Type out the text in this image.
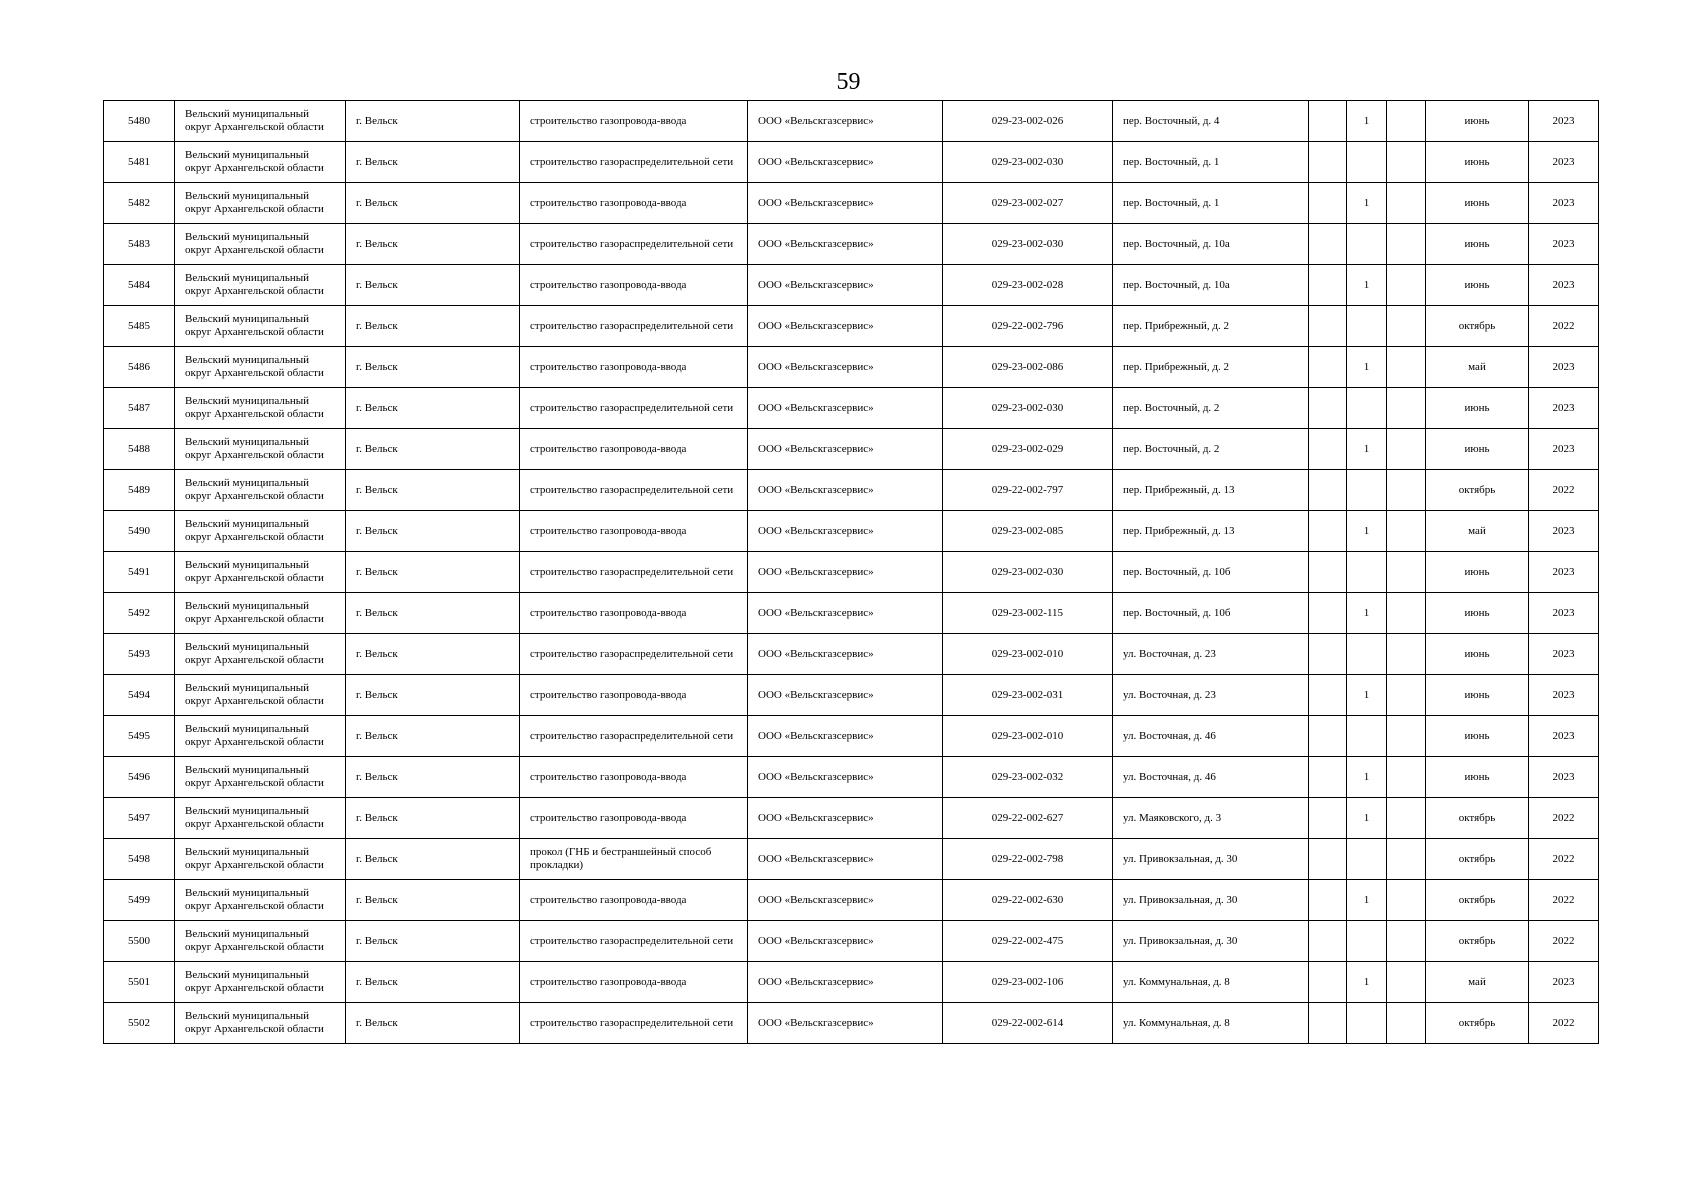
59
5480	Вельский муниципальный округ Архангельской области	г. Вельск	строительство газопровода-ввода	ООО «Вельскгазсервис»	029-23-002-026	пер. Восточный, д. 4		1		июнь	2023
5481	Вельский муниципальный округ Архангельской области	г. Вельск	строительство газораспределительной сети	ООО «Вельскгазсервис»	029-23-002-030	пер. Восточный, д. 1				июнь	2023
5482	Вельский муниципальный округ Архангельской области	г. Вельск	строительство газопровода-ввода	ООО «Вельскгазсервис»	029-23-002-027	пер. Восточный, д. 1		1		июнь	2023
5483	Вельский муниципальный округ Архангельской области	г. Вельск	строительство газораспределительной сети	ООО «Вельскгазсервис»	029-23-002-030	пер. Восточный, д. 10а				июнь	2023
5484	Вельский муниципальный округ Архангельской области	г. Вельск	строительство газопровода-ввода	ООО «Вельскгазсервис»	029-23-002-028	пер. Восточный, д. 10а		1		июнь	2023
5485	Вельский муниципальный округ Архангельской области	г. Вельск	строительство газораспределительной сети	ООО «Вельскгазсервис»	029-22-002-796	пер. Прибрежный, д. 2				октябрь	2022
5486	Вельский муниципальный округ Архангельской области	г. Вельск	строительство газопровода-ввода	ООО «Вельскгазсервис»	029-23-002-086	пер. Прибрежный, д. 2		1		май	2023
5487	Вельский муниципальный округ Архангельской области	г. Вельск	строительство газораспределительной сети	ООО «Вельскгазсервис»	029-23-002-030	пер. Восточный, д. 2				июнь	2023
5488	Вельский муниципальный округ Архангельской области	г. Вельск	строительство газопровода-ввода	ООО «Вельскгазсервис»	029-23-002-029	пер. Восточный, д. 2		1		июнь	2023
5489	Вельский муниципальный округ Архангельской области	г. Вельск	строительство газораспределительной сети	ООО «Вельскгазсервис»	029-22-002-797	пер. Прибрежный, д. 13				октябрь	2022
5490	Вельский муниципальный округ Архангельской области	г. Вельск	строительство газопровода-ввода	ООО «Вельскгазсервис»	029-23-002-085	пер. Прибрежный, д. 13		1		май	2023
5491	Вельский муниципальный округ Архангельской области	г. Вельск	строительство газораспределительной сети	ООО «Вельскгазсервис»	029-23-002-030	пер. Восточный, д. 10б				июнь	2023
5492	Вельский муниципальный округ Архангельской области	г. Вельск	строительство газопровода-ввода	ООО «Вельскгазсервис»	029-23-002-115	пер. Восточный, д. 10б		1		июнь	2023
5493	Вельский муниципальный округ Архангельской области	г. Вельск	строительство газораспределительной сети	ООО «Вельскгазсервис»	029-23-002-010	ул. Восточная, д. 23				июнь	2023
5494	Вельский муниципальный округ Архангельской области	г. Вельск	строительство газопровода-ввода	ООО «Вельскгазсервис»	029-23-002-031	ул. Восточная, д. 23		1		июнь	2023
5495	Вельский муниципальный округ Архангельской области	г. Вельск	строительство газораспределительной сети	ООО «Вельскгазсервис»	029-23-002-010	ул. Восточная, д. 46				июнь	2023
5496	Вельский муниципальный округ Архангельской области	г. Вельск	строительство газопровода-ввода	ООО «Вельскгазсервис»	029-23-002-032	ул. Восточная, д. 46		1		июнь	2023
5497	Вельский муниципальный округ Архангельской области	г. Вельск	строительство газопровода-ввода	ООО «Вельскгазсервис»	029-22-002-627	ул. Маяковского, д. 3		1		октябрь	2022
5498	Вельский муниципальный округ Архангельской области	г. Вельск	прокол (ГНБ и бестраншейный способ прокладки)	ООО «Вельскгазсервис»	029-22-002-798	ул. Привокзальная, д. 30				октябрь	2022
5499	Вельский муниципальный округ Архангельской области	г. Вельск	строительство газопровода-ввода	ООО «Вельскгазсервис»	029-22-002-630	ул. Привокзальная, д. 30		1		октябрь	2022
5500	Вельский муниципальный округ Архангельской области	г. Вельск	строительство газораспределительной сети	ООО «Вельскгазсервис»	029-22-002-475	ул. Привокзальная, д. 30				октябрь	2022
5501	Вельский муниципальный округ Архангельской области	г. Вельск	строительство газопровода-ввода	ООО «Вельскгазсервис»	029-23-002-106	ул. Коммунальная, д. 8		1		май	2023
5502	Вельский муниципальный округ Архангельской области	г. Вельск	строительство газораспределительной сети	ООО «Вельскгазсервис»	029-22-002-614	ул. Коммунальная, д. 8				октябрь	2022
